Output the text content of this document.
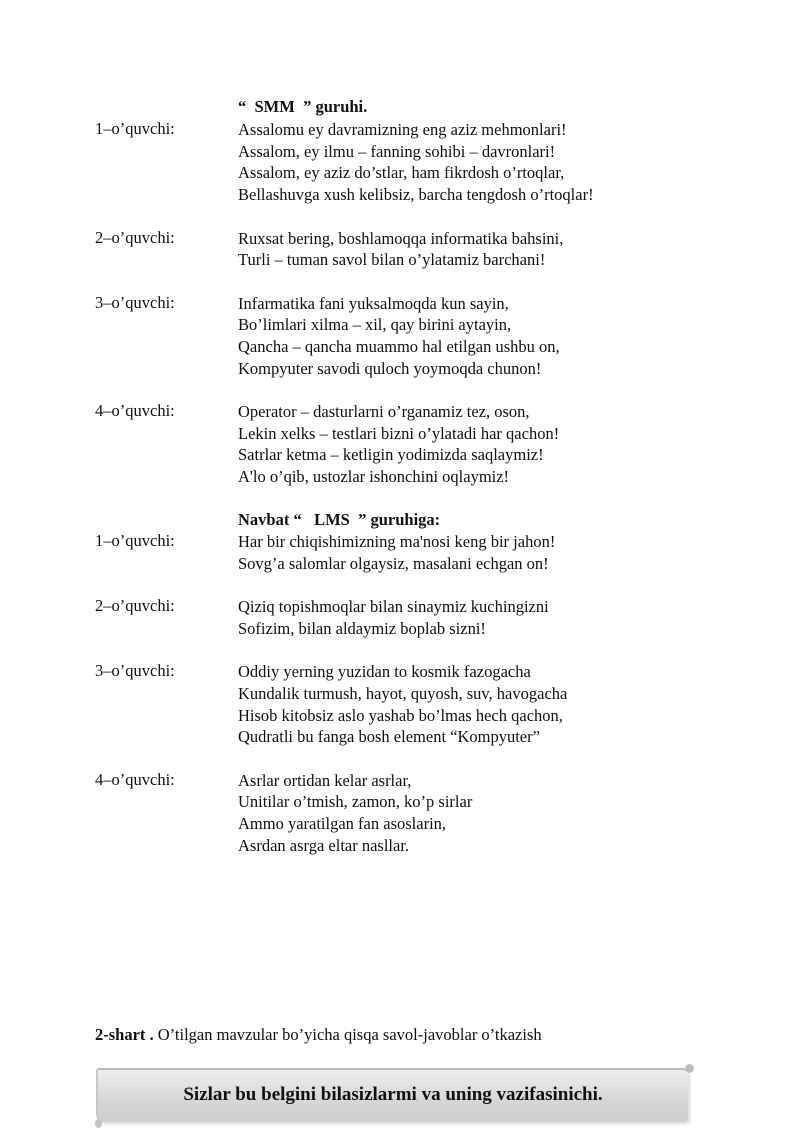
“  SMM  ” guruhi.
1–o’quvchi:	Assalomu ey davramizning eng aziz mehmonlari!
Assalom, ey ilmu – fanning sohibi – davronlari!
Assalom, ey aziz do’stlar, ham fikrdosh o’rtoqlar,
Bellashuvga xush kelibsiz, barcha tengdosh o’rtoqlar!
2–o’quvchi:	Ruxsat bering, boshlamoqqa informatika bahsini,
Turli – tuman savol bilan o’ylatamiz barchani!
3–o’quvchi:	Infarmatika fani yuksalmoqda kun sayin,
Bo’limlari xilma – xil, qay birini aytayin,
Qancha – qancha muammo hal etilgan ushbu on,
Kompyuter savodi quloch yoymoqda chunon!
4–o’quvchi:	Operator – dasturlarni o’rganamiz tez, oson,
Lekin xelks – testlari bizni o’ylatadi har qachon!
Satrlar ketma – ketligin yodimizda saqlaymiz!
A'lo o’qib, ustozlar ishonchini oqlaymiz!
Navbat “   LMS  ” guruhiga:
1–o’quvchi:	Har bir chiqishimizning ma'nosi keng bir jahon!
Sovg’a salomlar olgaysiz, masalani echgan on!
2–o’quvchi:	Qiziq topishmoqlar bilan sinaymiz kuchingizni
Sofizim, bilan aldaymiz boplab sizni!
3–o’quvchi:	Oddiy yerning yuzidan to kosmik fazogacha
Kundalik turmush, hayot, quyosh, suv, havogacha
Hisob kitobsiz aslo yashab bo’lmas hech qachon,
Qudratli bu fanga bosh element “Kompyuter”
4–o’quvchi:	Asrlar ortidan kelar asrlar,
Unitilar o’tmish, zamon, ko’p sirlar
Ammo yaratilgan fan asoslarin,
Asrdan asrga eltar nasllar.
2-shart . O’tilgan mavzular bo’yicha qisqa savol-javoblar o’tkazish
Sizlar bu belgini bilasizlarmi va uning vazifasinichi.
